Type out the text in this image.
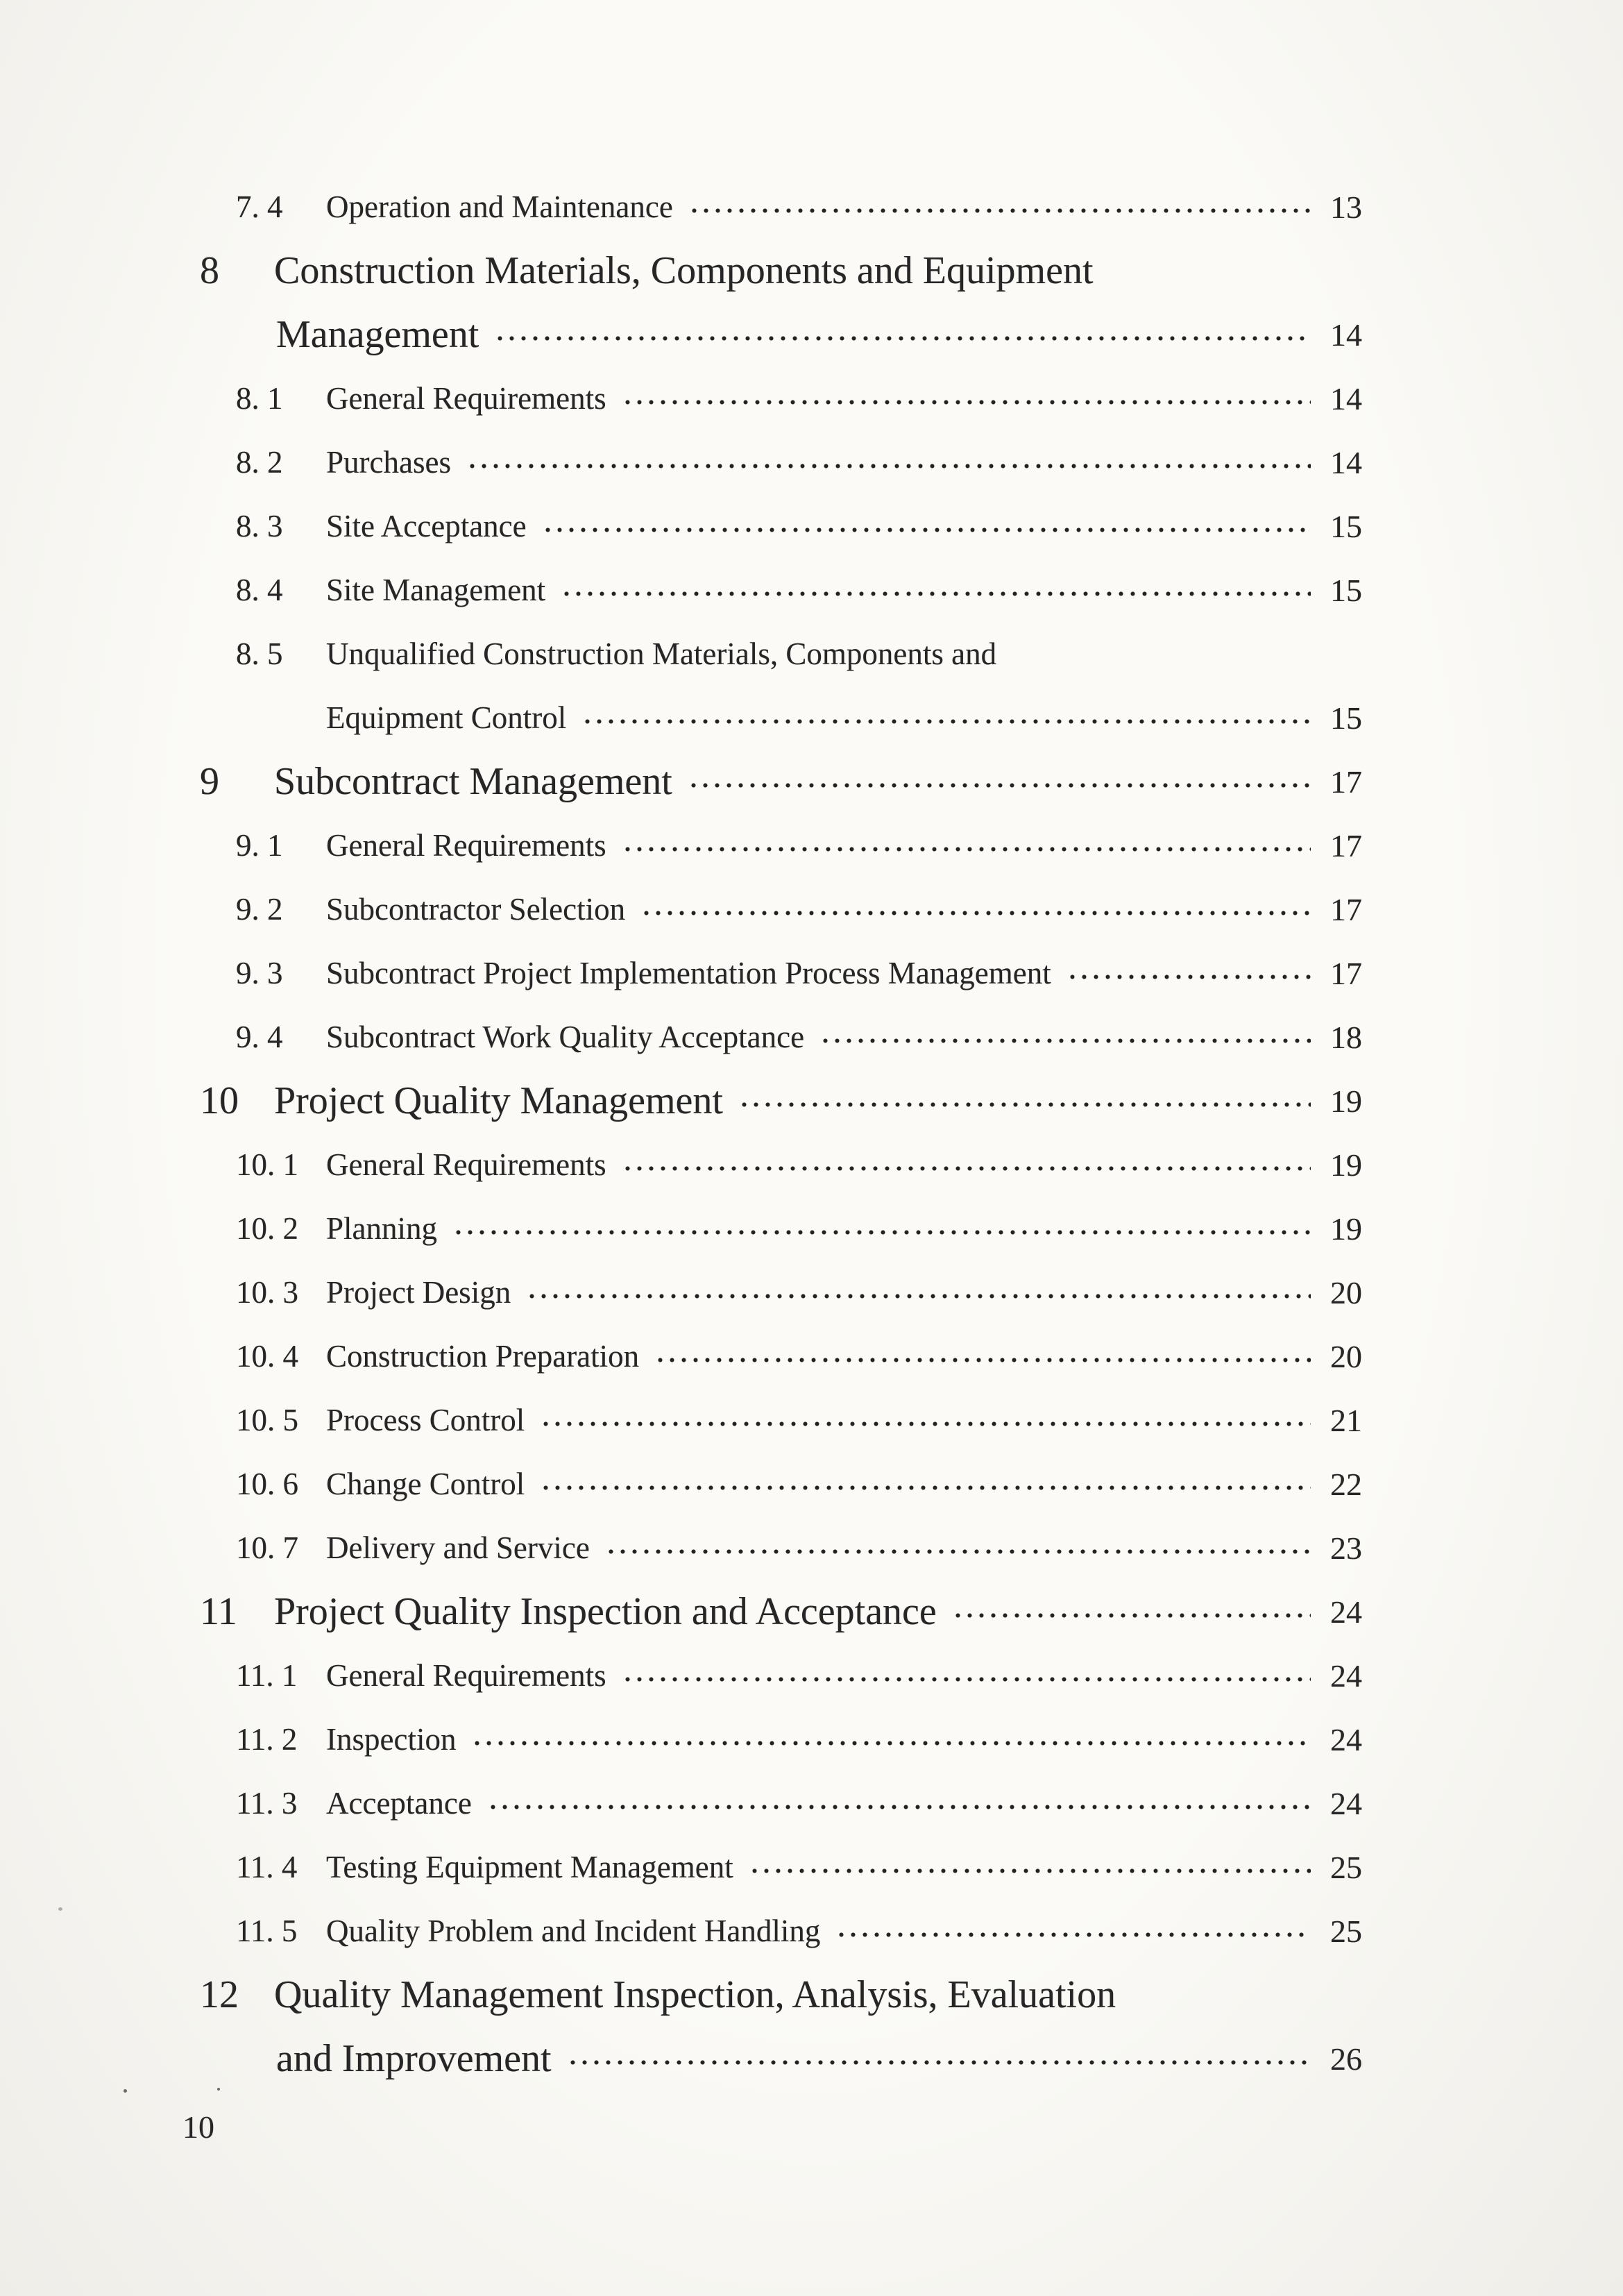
7. 4	Operation and Maintenance	13
8	Construction Materials, Components and Equipment
Management	14
8. 1	General Requirements	14
8. 2	Purchases	14
8. 3	Site Acceptance	15
8. 4	Site Management	15
8. 5	Unqualified Construction Materials, Components and
Equipment Control	15
9	Subcontract Management	17
9. 1	General Requirements	17
9. 2	Subcontractor Selection	17
9. 3	Subcontract Project Implementation Process Management	17
9. 4	Subcontract Work Quality Acceptance	18
10 Project Quality Management	19
10. 1 General Requirements	19
10. 2 Planning	19
10. 3 Project Design	20
10. 4 Construction Preparation	20
10. 5 Process Control	21
10. 6 Change Control	22
10. 7 Delivery and Service	23
11 Project Quality Inspection and Acceptance	24
11. 1 General Requirements	24
11. 2 Inspection	24
11. 3 Acceptance	24
11. 4 Testing Equipment Management	25
11. 5 Quality Problem and Incident Handling	25
12 Quality Management Inspection, Analysis, Evaluation
and Improvement	26
10
